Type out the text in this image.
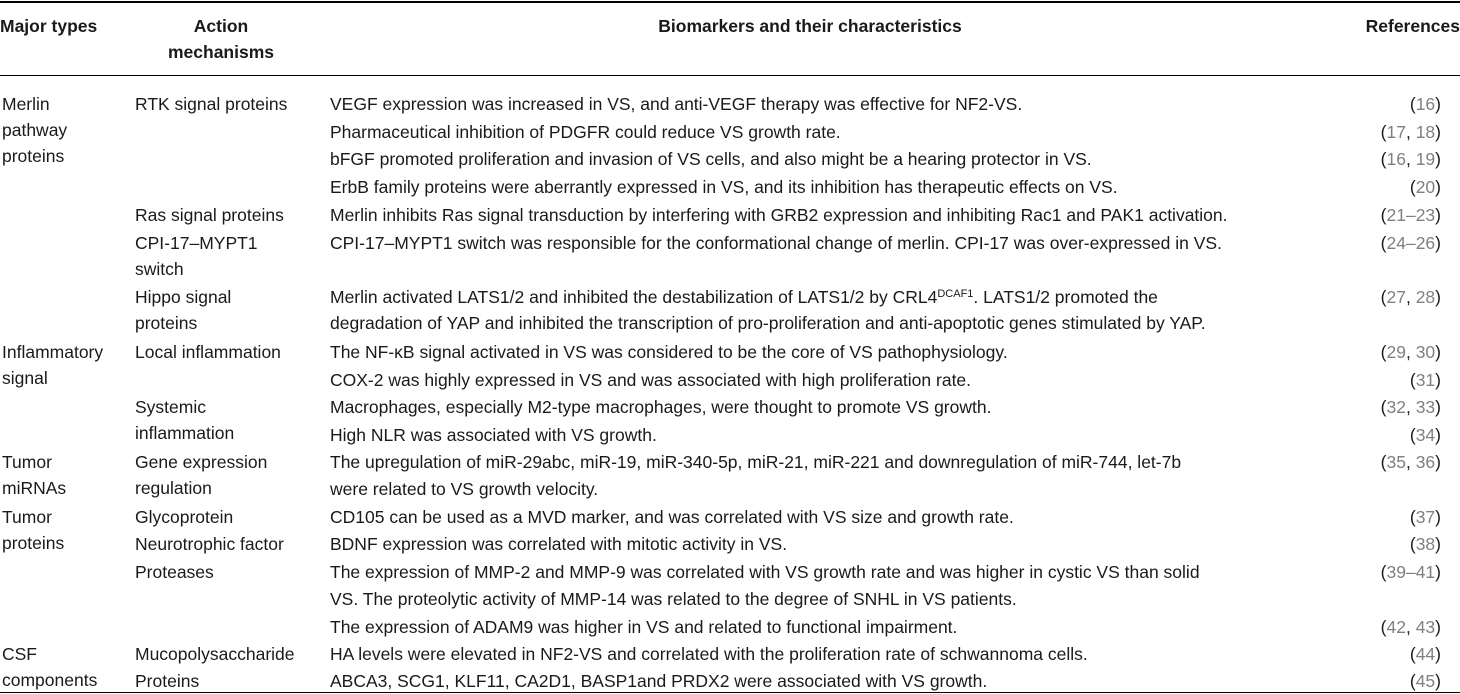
Major types	Action
mechanisms
Biomarkers and their characteristics	References
Merlin
pathway
proteins
Inflammatory
signal
Tumor
miRNAs
Tumor
proteins
CSF
components
RTK signal proteins
Ras signal proteins
CPI-17–MYPT1
switch
Hippo signal
proteins
Local inflammation
Systemic
inflammation
Gene expression
regulation
Glycoprotein
Neurotrophic factor
Proteases
Mucopolysaccharide
Proteins
VEGF expression was increased in VS, and anti-VEGF therapy was effective for NF2-VS.
Pharmaceutical inhibition of PDGFR could reduce VS growth rate.
bFGF promoted proliferation and invasion of VS cells, and also might be a hearing protector in VS.
ErbB family proteins were aberrantly expressed in VS, and its inhibition has therapeutic effects on VS.
Merlin inhibits Ras signal transduction by interfering with GRB2 expression and inhibiting Rac1 and PAK1 activation.
CPI-17–MYPT1 switch was responsible for the conformational change of merlin. CPI-17 was over-expressed in VS.
Merlin activated LATS1/2 and inhibited the destabilization of LATS1/2 by $CRL4^{DCAF1}$. LATS1/2 promoted the
degradation of YAP and inhibited the transcription of pro-proliferation and anti-apoptotic genes stimulated by YAP.
The NF-κB signal activated in VS was considered to be the core of VS pathophysiology.
COX-2 was highly expressed in VS and was associated with high proliferation rate.
Macrophages, especially M2-type macrophages, were thought to promote VS growth.
High NLR was associated with VS growth.
The upregulation of miR-29abc, miR-19, miR-340-5p, miR-21, miR-221 and downregulation of miR-744, let-7b
were related to VS growth velocity.
CD105 can be used as a MVD marker, and was correlated with VS size and growth rate.
BDNF expression was correlated with mitotic activity in VS.
The expression of MMP-2 and MMP-9 was correlated with VS growth rate and was higher in cystic VS than solid
VS. The proteolytic activity of MMP-14 was related to the degree of SNHL in VS patients.
The expression of ADAM9 was higher in VS and related to functional impairment.
HA levels were elevated in NF2-VS and correlated with the proliferation rate of schwannoma cells.
ABCA3, SCG1, KLF11, CA2D1, BASP1and PRDX2 were associated with VS growth.
(16)
(17, 18)
(16, 19)
(20)
(21–23)
(24–26)
(27, 28)
(29, 30)
(31)
(32, 33)
(34)
(35, 36)
(37)
(38)
(39–41)
(42, 43)
(44)
(45)
